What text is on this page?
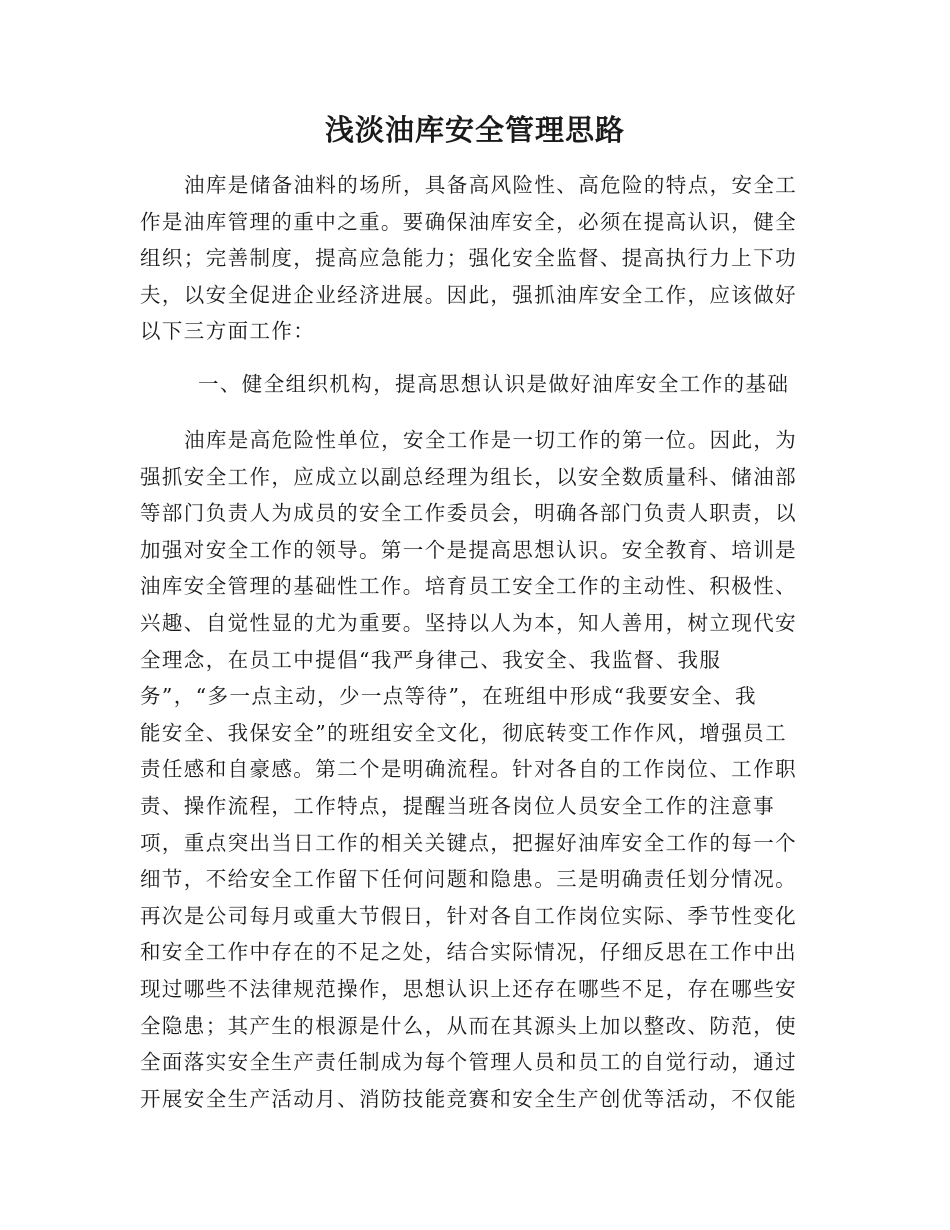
浅淡油库安全管理思路
油库是储备油料的场所，具备高风险性、高危险的特点，安全工
作是油库管理的重中之重。要确保油库安全，必须在提高认识，健全
组织；完善制度，提高应急能力；强化安全监督、提高执行力上下功
夫，以安全促进企业经济进展。因此，强抓油库安全工作，应该做好
以下三方面工作：
一、健全组织机构，提高思想认识是做好油库安全工作的基础
油库是高危险性单位，安全工作是一切工作的第一位。因此，为
强抓安全工作，应成立以副总经理为组长，以安全数质量科、储油部
等部门负责人为成员的安全工作委员会，明确各部门负责人职责，以
加强对安全工作的领导。第一个是提高思想认识。安全教育、培训是
油库安全管理的基础性工作。培育员工安全工作的主动性、积极性、
兴趣、自觉性显的尤为重要。坚持以人为本，知人善用，树立现代安
全理念，在员工中提倡“我严身律己、我安全、我监督、我服
务”，“多一点主动，少一点等待”，在班组中形成“我要安全、我
能安全、我保安全”的班组安全文化，彻底转变工作作风，增强员工
责任感和自豪感。第二个是明确流程。针对各自的工作岗位、工作职
责、操作流程，工作特点，提醒当班各岗位人员安全工作的注意事
项，重点突出当日工作的相关关键点，把握好油库安全工作的每一个
细节，不给安全工作留下任何问题和隐患。三是明确责任划分情况。
再次是公司每月或重大节假日，针对各自工作岗位实际、季节性变化
和安全工作中存在的不足之处，结合实际情况，仔细反思在工作中出
现过哪些不法律规范操作，思想认识上还存在哪些不足，存在哪些安
全隐患；其产生的根源是什么，从而在其源头上加以整改、防范，使
全面落实安全生产责任制成为每个管理人员和员工的自觉行动，通过
开展安全生产活动月、消防技能竞赛和安全生产创优等活动，不仅能
